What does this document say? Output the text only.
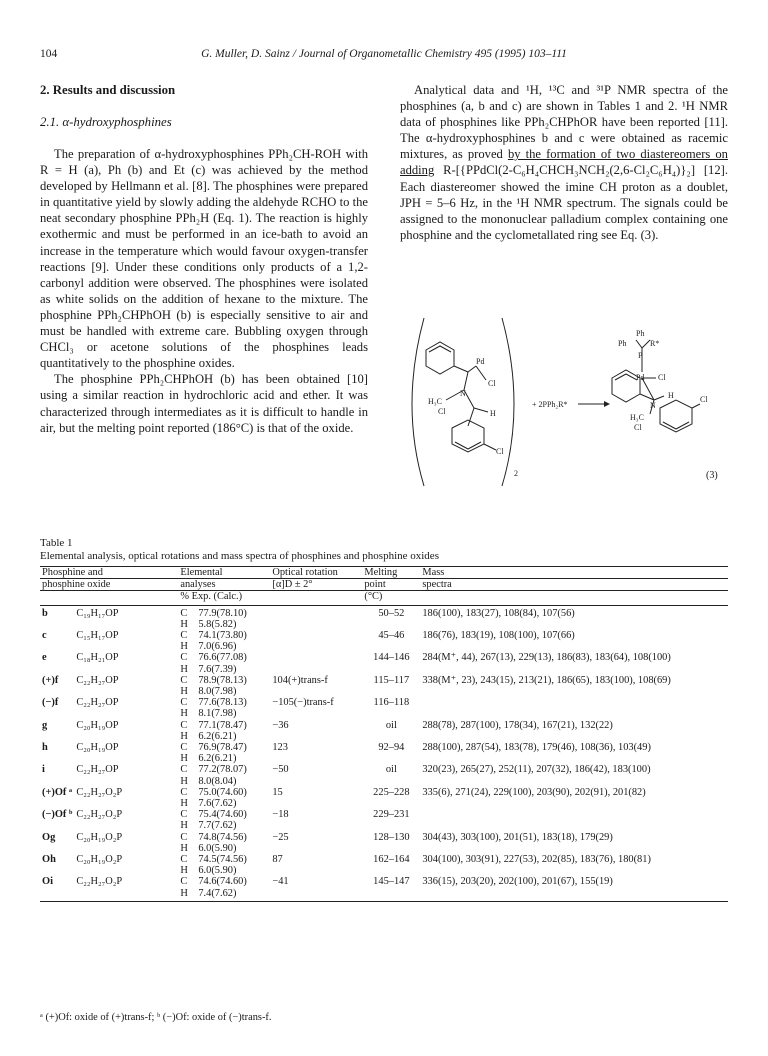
104	G. Muller, D. Sainz / Journal of Organometallic Chemistry 495 (1995) 103–111
2. Results and discussion
2.1. α-hydroxyphosphines

The preparation of α-hydroxyphosphines PPh₂CH-ROH with R = H (a), Ph (b) and Et (c) was achieved by the method developed by Hellmann et al. [8]. The phosphines were prepared in quantitative yield by slowly adding the aldehyde RCHO to the neat secondary phosphine PPh₂H (Eq. 1). The reaction is highly exothermic and must be performed in an ice-bath to avoid an increase in the temperature which would favour oxygen-transfer reactions [9]. Under these conditions only products of a 1,2-carbonyl addition were observed. The phosphines were isolated as white solids on the addition of hexane to the mixture. The phosphine PPh₂CHPhOH (b) is especially sensitive to air and must be handled with extreme care. Bubbling oxygen through CHCl₃ or acetone solutions of the phosphines leads quantitatively to the phosphine oxides.

The phosphine PPh₂CHPhOH (b) has been obtained [10] using a similar reaction in hydrochloric acid and ether. It was characterized through intermediates as it is difficult to handle in air, but the melting point reported (186°C) is that of the oxide.

Analytical data and ¹H, ¹³C and ³¹P NMR spectra of the phosphines (a, b and c) are shown in Tables 1 and 2. ¹H NMR data of phosphines like PPh₂CHPhOR have been reported [11]. The α-hydroxyphosphines b and c were obtained as racemic mixtures, as proved by the formation of two diastereomers on adding R-[{PPdCl(2-C₆H₄CHCH₃NCH₂(2,6-Cl₂C₆H₄)}₂] [12]. Each diastereomer showed the imine CH proton as a doublet, JPH = 5–6 Hz, in the ¹H NMR spectrum. The signals could be assigned to the mononuclear palladium complex containing one phosphine and the cyclometallated ring see Eq. (3).

Pd
Cl
N
H₃C
Cl	H
Cl
2
+ 2PPh₂R*
Ph
Ph	R*
P
Pd Cl
N
H
H₃C
Cl
Cl
(3)
Table 1
Elemental analysis, optical rotations and mass spectra of phosphines and phosphine oxides
Phosphine and		Elemental		Optical rotation	Melting	Mass
phosphine oxide		analyses		[α]D ± 2°	point	spectra
		% Exp. (Calc.)			(°C)	
b	C₁₉H₁₇OP	C	77.9(78.10)		50–52	186(100), 183(27), 108(84), 107(56)
		H	5.8(5.82)			
c	C₁₅H₁₇OP	C	74.1(73.80)		45–46	186(76), 183(19), 108(100), 107(66)
		H	7.0(6.96)			
e	C₁₈H₂₁OP	C	76.6(77.08)		144–146	284(M⁺, 44), 267(13), 229(13), 186(83), 183(64), 108(100)
		H	7.6(7.39)			
(+)f	C₂₂H₂₇OP	C	78.9(78.13)	104(+)trans-f	115–117	338(M⁺, 23), 243(15), 213(21), 186(65), 183(100), 108(69)
		H	8.0(7.98)			
(−)f	C₂₂H₂₇OP	C	77.6(78.13)	−105(−)trans-f	116–118	
		H	8.1(7.98)			
g	C₂₀H₁₉OP	C	77.1(78.47)	−36	oil	288(78), 287(100), 178(34), 167(21), 132(22)
		H	6.2(6.21)			
h	C₂₀H₁₉OP	C	76.9(78.47)	123	92–94	288(100), 287(54), 183(78), 179(46), 108(36), 103(49)
		H	6.2(6.21)			
i	C₂₂H₂₇OP	C	77.2(78.07)	−50	oil	320(23), 265(27), 252(11), 207(32), 186(42), 183(100)
		H	8.0(8.04)			
(+)Of ᵃ	C₂₂H₂₇O₂P	C	75.0(74.60)	15	225–228	335(6), 271(24), 229(100), 203(90), 202(91), 201(82)
		H	7.6(7.62)			
(−)Of ᵇ	C₂₂H₂₇O₂P	C	75.4(74.60)	−18	229–231	
		H	7.7(7.62)			
Og	C₂₀H₁₉O₂P	C	74.8(74.56)	−25	128–130	304(43), 303(100), 201(51), 183(18), 179(29)
		H	6.0(5.90)			
Oh	C₂₀H₁₉O₂P	C	74.5(74.56)	87	162–164	304(100), 303(91), 227(53), 202(85), 183(76), 180(81)
		H	6.0(5.90)			
Oi	C₂₂H₂₇O₂P	C	74.6(74.60)	−41	145–147	336(15), 203(20), 202(100), 201(67), 155(19)
		H	7.4(7.62)			
ᵃ (+)Of: oxide of (+)trans-f; ᵇ (−)Of: oxide of (−)trans-f.
